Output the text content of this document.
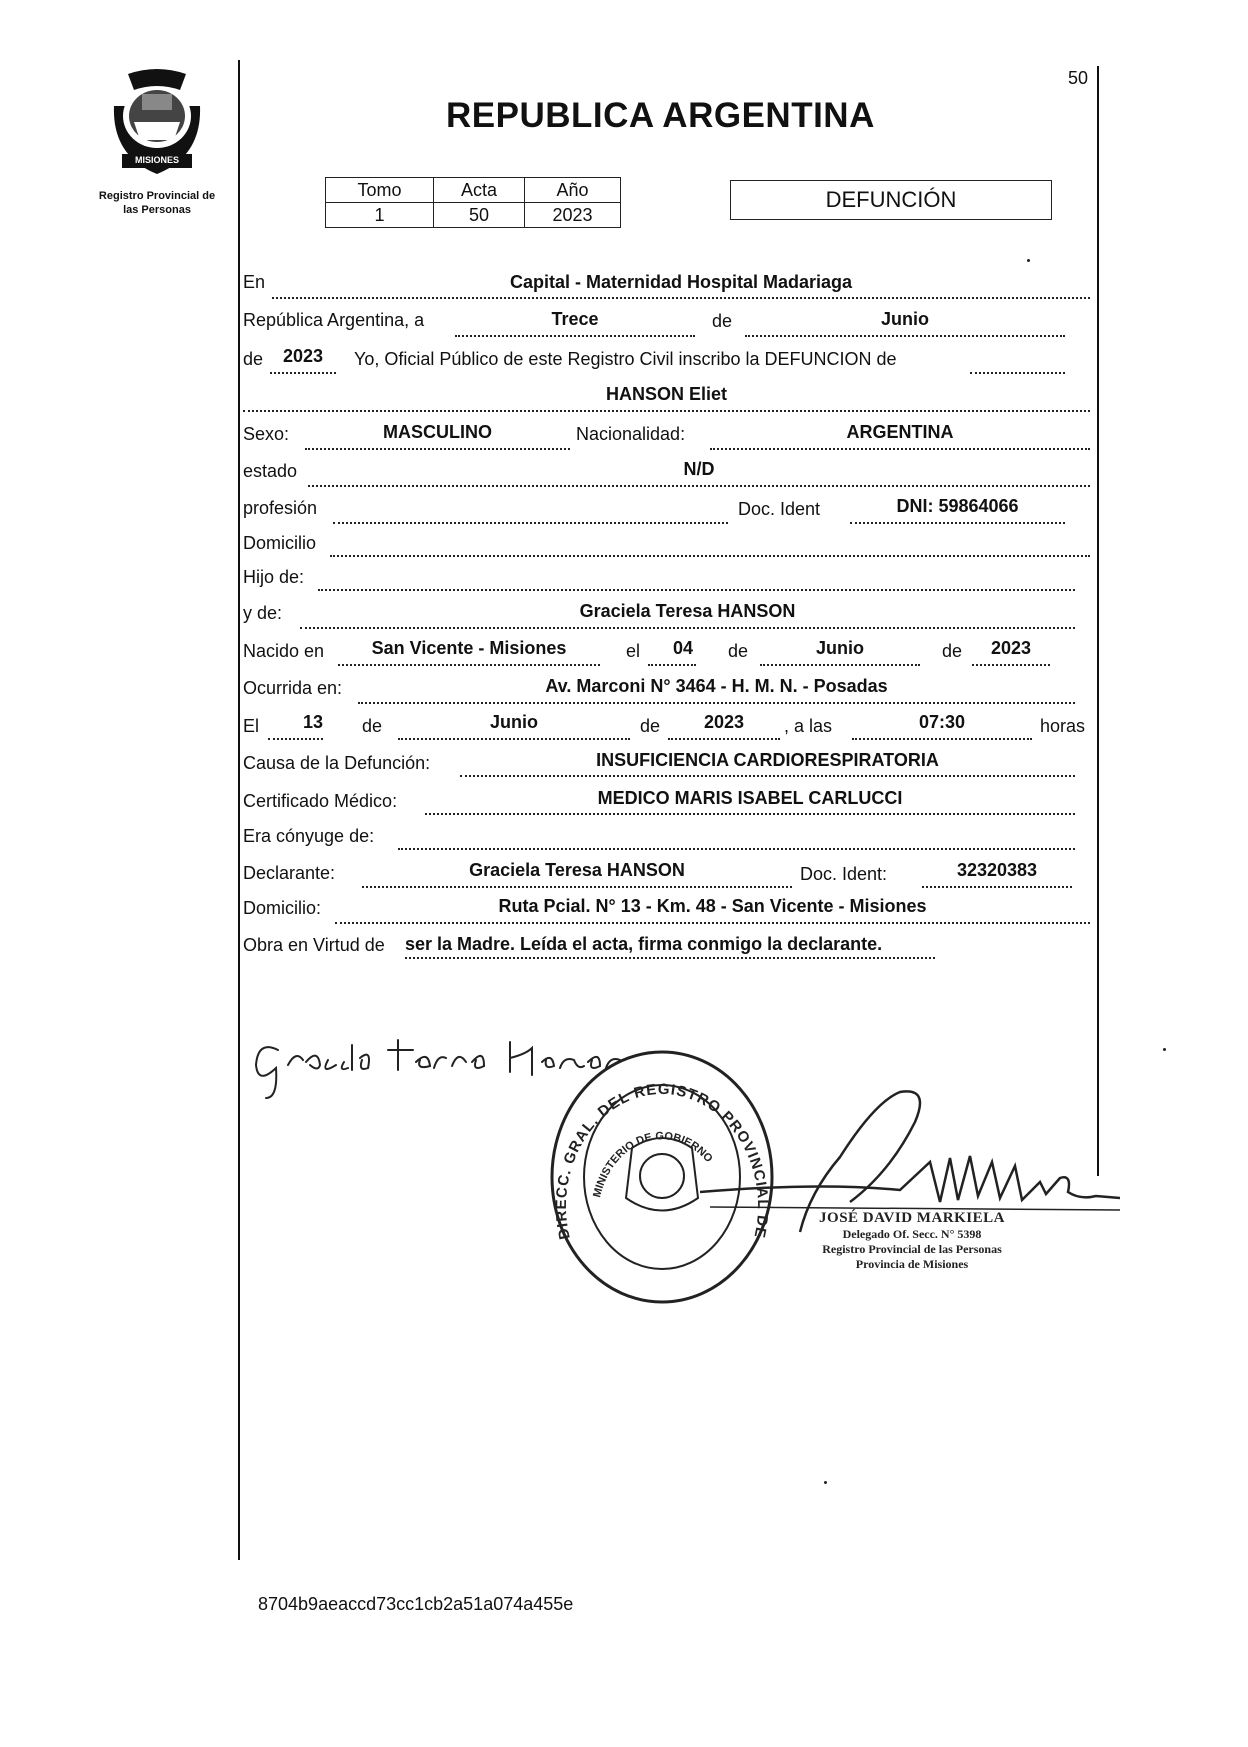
50
MISIONES
Registro Provincial de
las Personas
REPUBLICA ARGENTINA
Tomo	Acta	Año
1	50	2023
DEFUNCIÓN
En	Capital - Maternidad Hospital Madariaga
República Argentina, a	Trece	de	Junio
de	2023	Yo, Oficial Público de este Registro Civil inscribo la DEFUNCION de
HANSON Eliet
Sexo:	MASCULINO	Nacionalidad:	ARGENTINA
estado	N/D
profesión	Doc. Ident	DNI: 59864066
Domicilio
Hijo de:
y de:	Graciela Teresa HANSON
Nacido en	San Vicente - Misiones	el	04	de	Junio	de	2023
Ocurrida en:	Av. Marconi N° 3464 - H. M. N. - Posadas
El	13	de	Junio	de	2023	, a las	07:30	horas
Causa de la Defunción:	INSUFICIENCIA CARDIORESPIRATORIA
Certificado Médico:	MEDICO MARIS ISABEL CARLUCCI
Era cónyuge de:
Declarante:	Graciela Teresa HANSON	Doc. Ident:	32320383
Domicilio:	Ruta Pcial. N° 13 - Km. 48 - San Vicente - Misiones
Obra en Virtud de ser la Madre. Leída el acta, firma conmigo la declarante.
DIRECC. GRAL. DEL REGISTRO PROVINCIAL DE
MINISTERIO DE GOBIERNO
JOSÉ DAVID MARKIELA
Delegado Of. Secc. N° 5398
Registro Provincial de las Personas
Provincia de Misiones
8704b9aeaccd73cc1cb2a51a074a455e
